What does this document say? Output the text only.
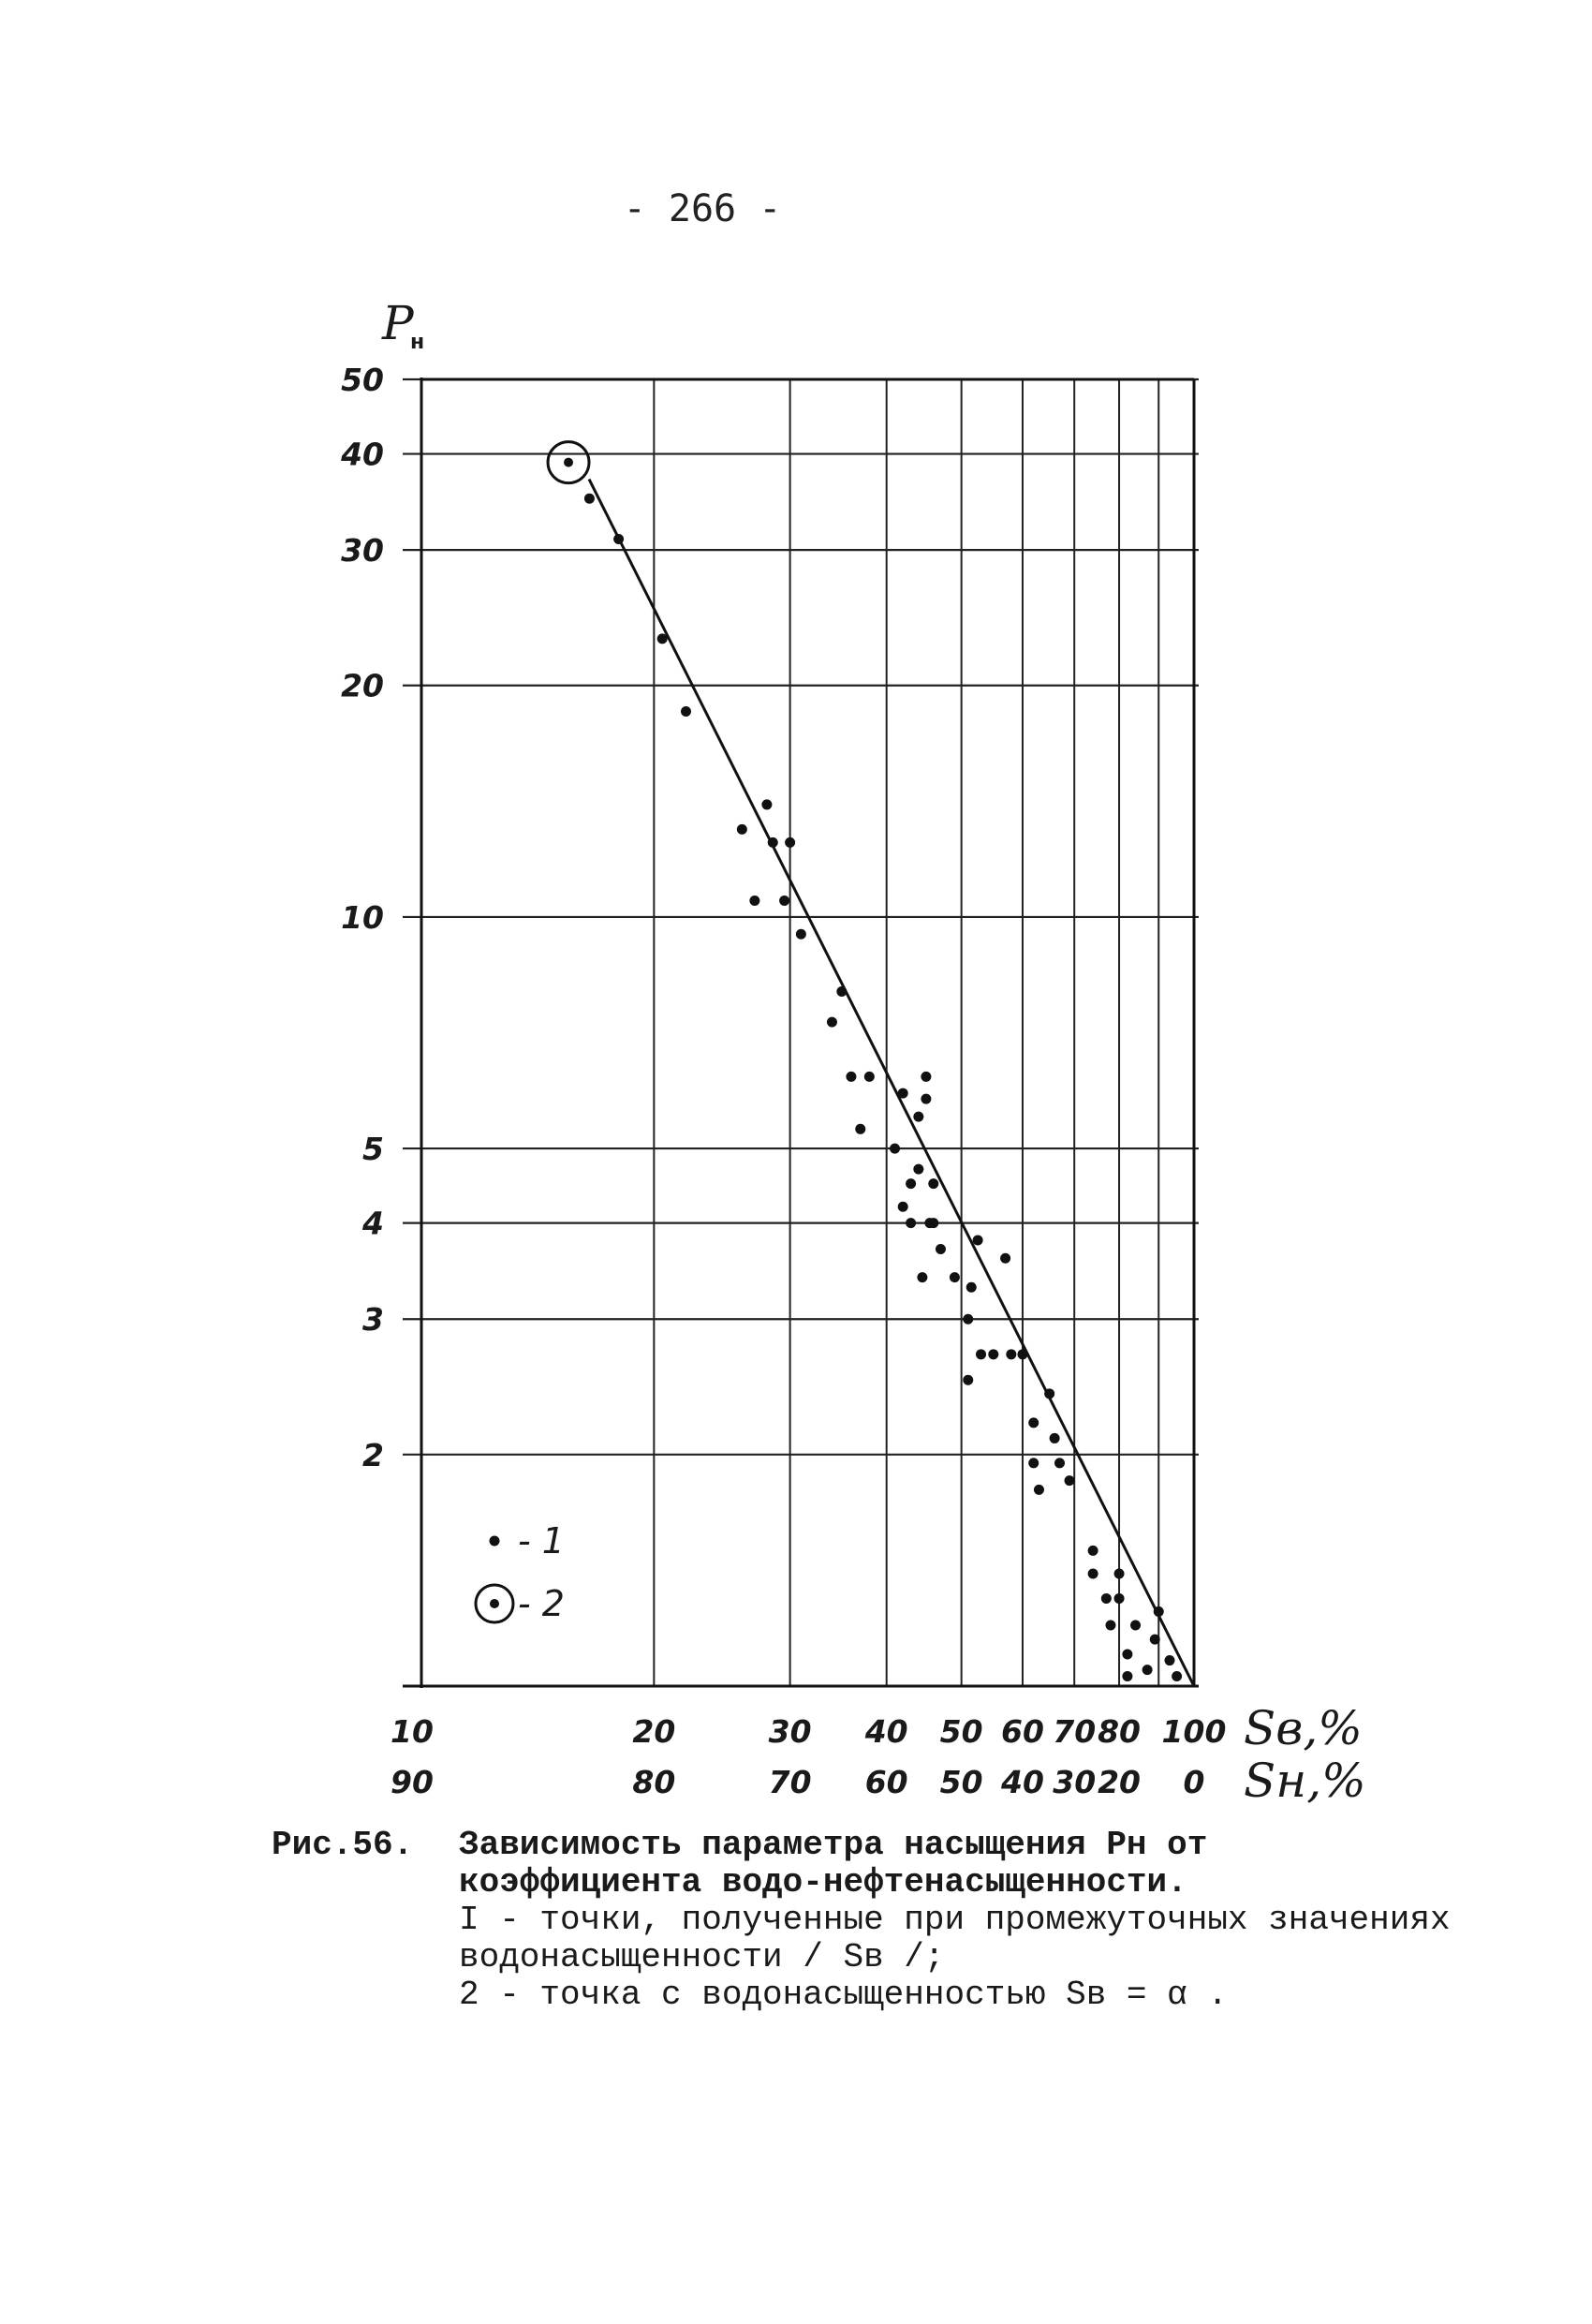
- 266 -
50
40
30
20
10
5
4
3
2
10	20	30 40 50 60 70 80 100
90	80	70 60 50 40 30 20 0
- 1
- 2
P
н
Sв,%
Sн,%
Рис.56.	Зависимость параметра насыщения Pн от коэффициента водо-нефтенасыщенности.
I - точки, полученные при промежуточных значениях водонасыщенности / Sв /;
2 - точка с водонасыщенностью Sв = α .
